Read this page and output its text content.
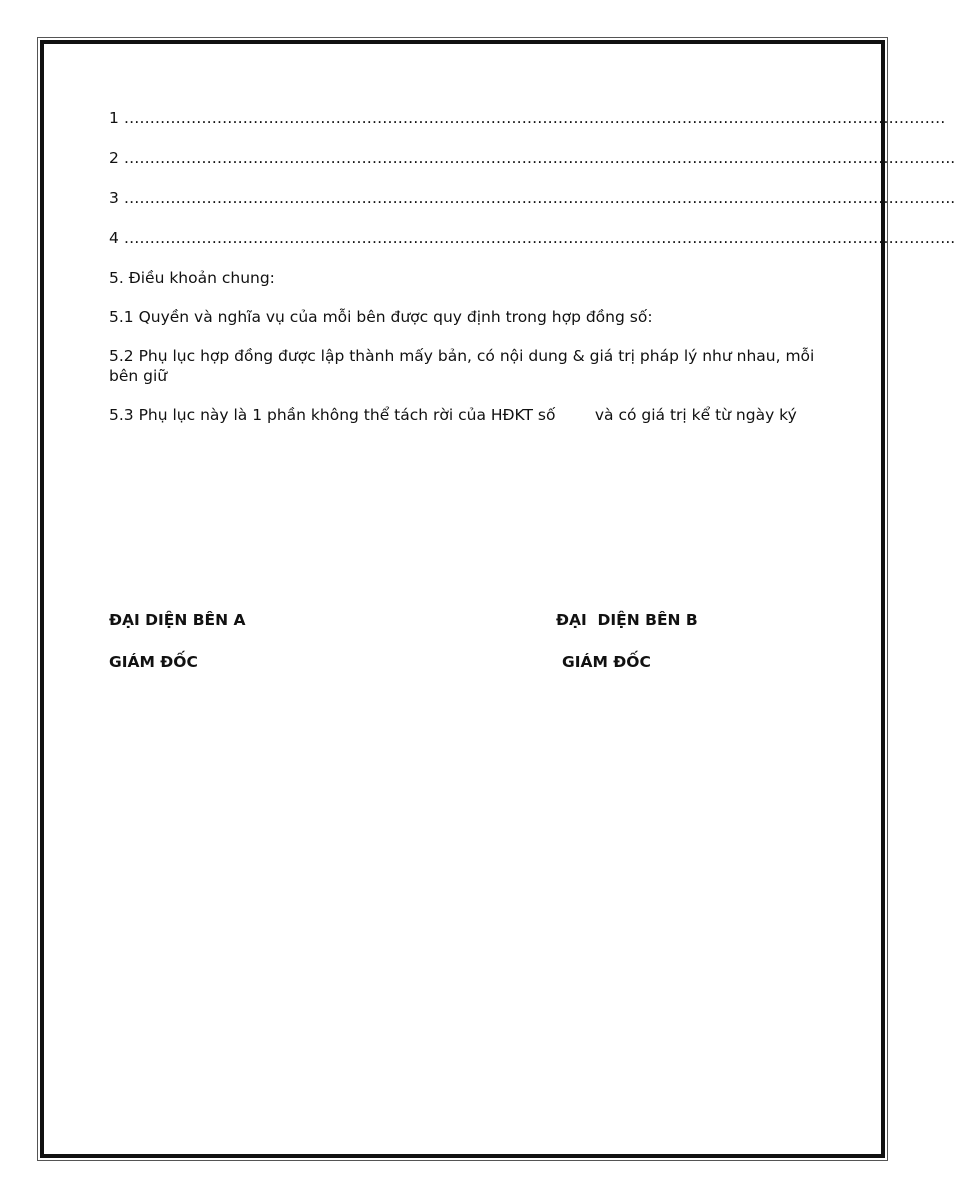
1 ……………………………………………………………………………………………………………………………………………
2 ……………………………………………………………………………………………………………………………………………..
3 ……………………………………………………………………………………………………………………………………………..
4 ……………………………………………………………………………………………………………………………………………..

5. Điều khoản chung:

5.1 Quyền và nghĩa vụ của mỗi bên được quy định trong hợp đồng số:

5.2 Phụ lục hợp đồng được lập thành mấy bản, có nội dung & giá trị pháp lý như nhau, mỗi bên giữ

5.3 Phụ lục này là 1 phần không thể tách rời của HĐKT số        và có giá trị kể từ ngày ký

ĐẠI DIỆN BÊN A
GIÁM ĐỐC
ĐẠI  DIỆN BÊN B
GIÁM ĐỐC
